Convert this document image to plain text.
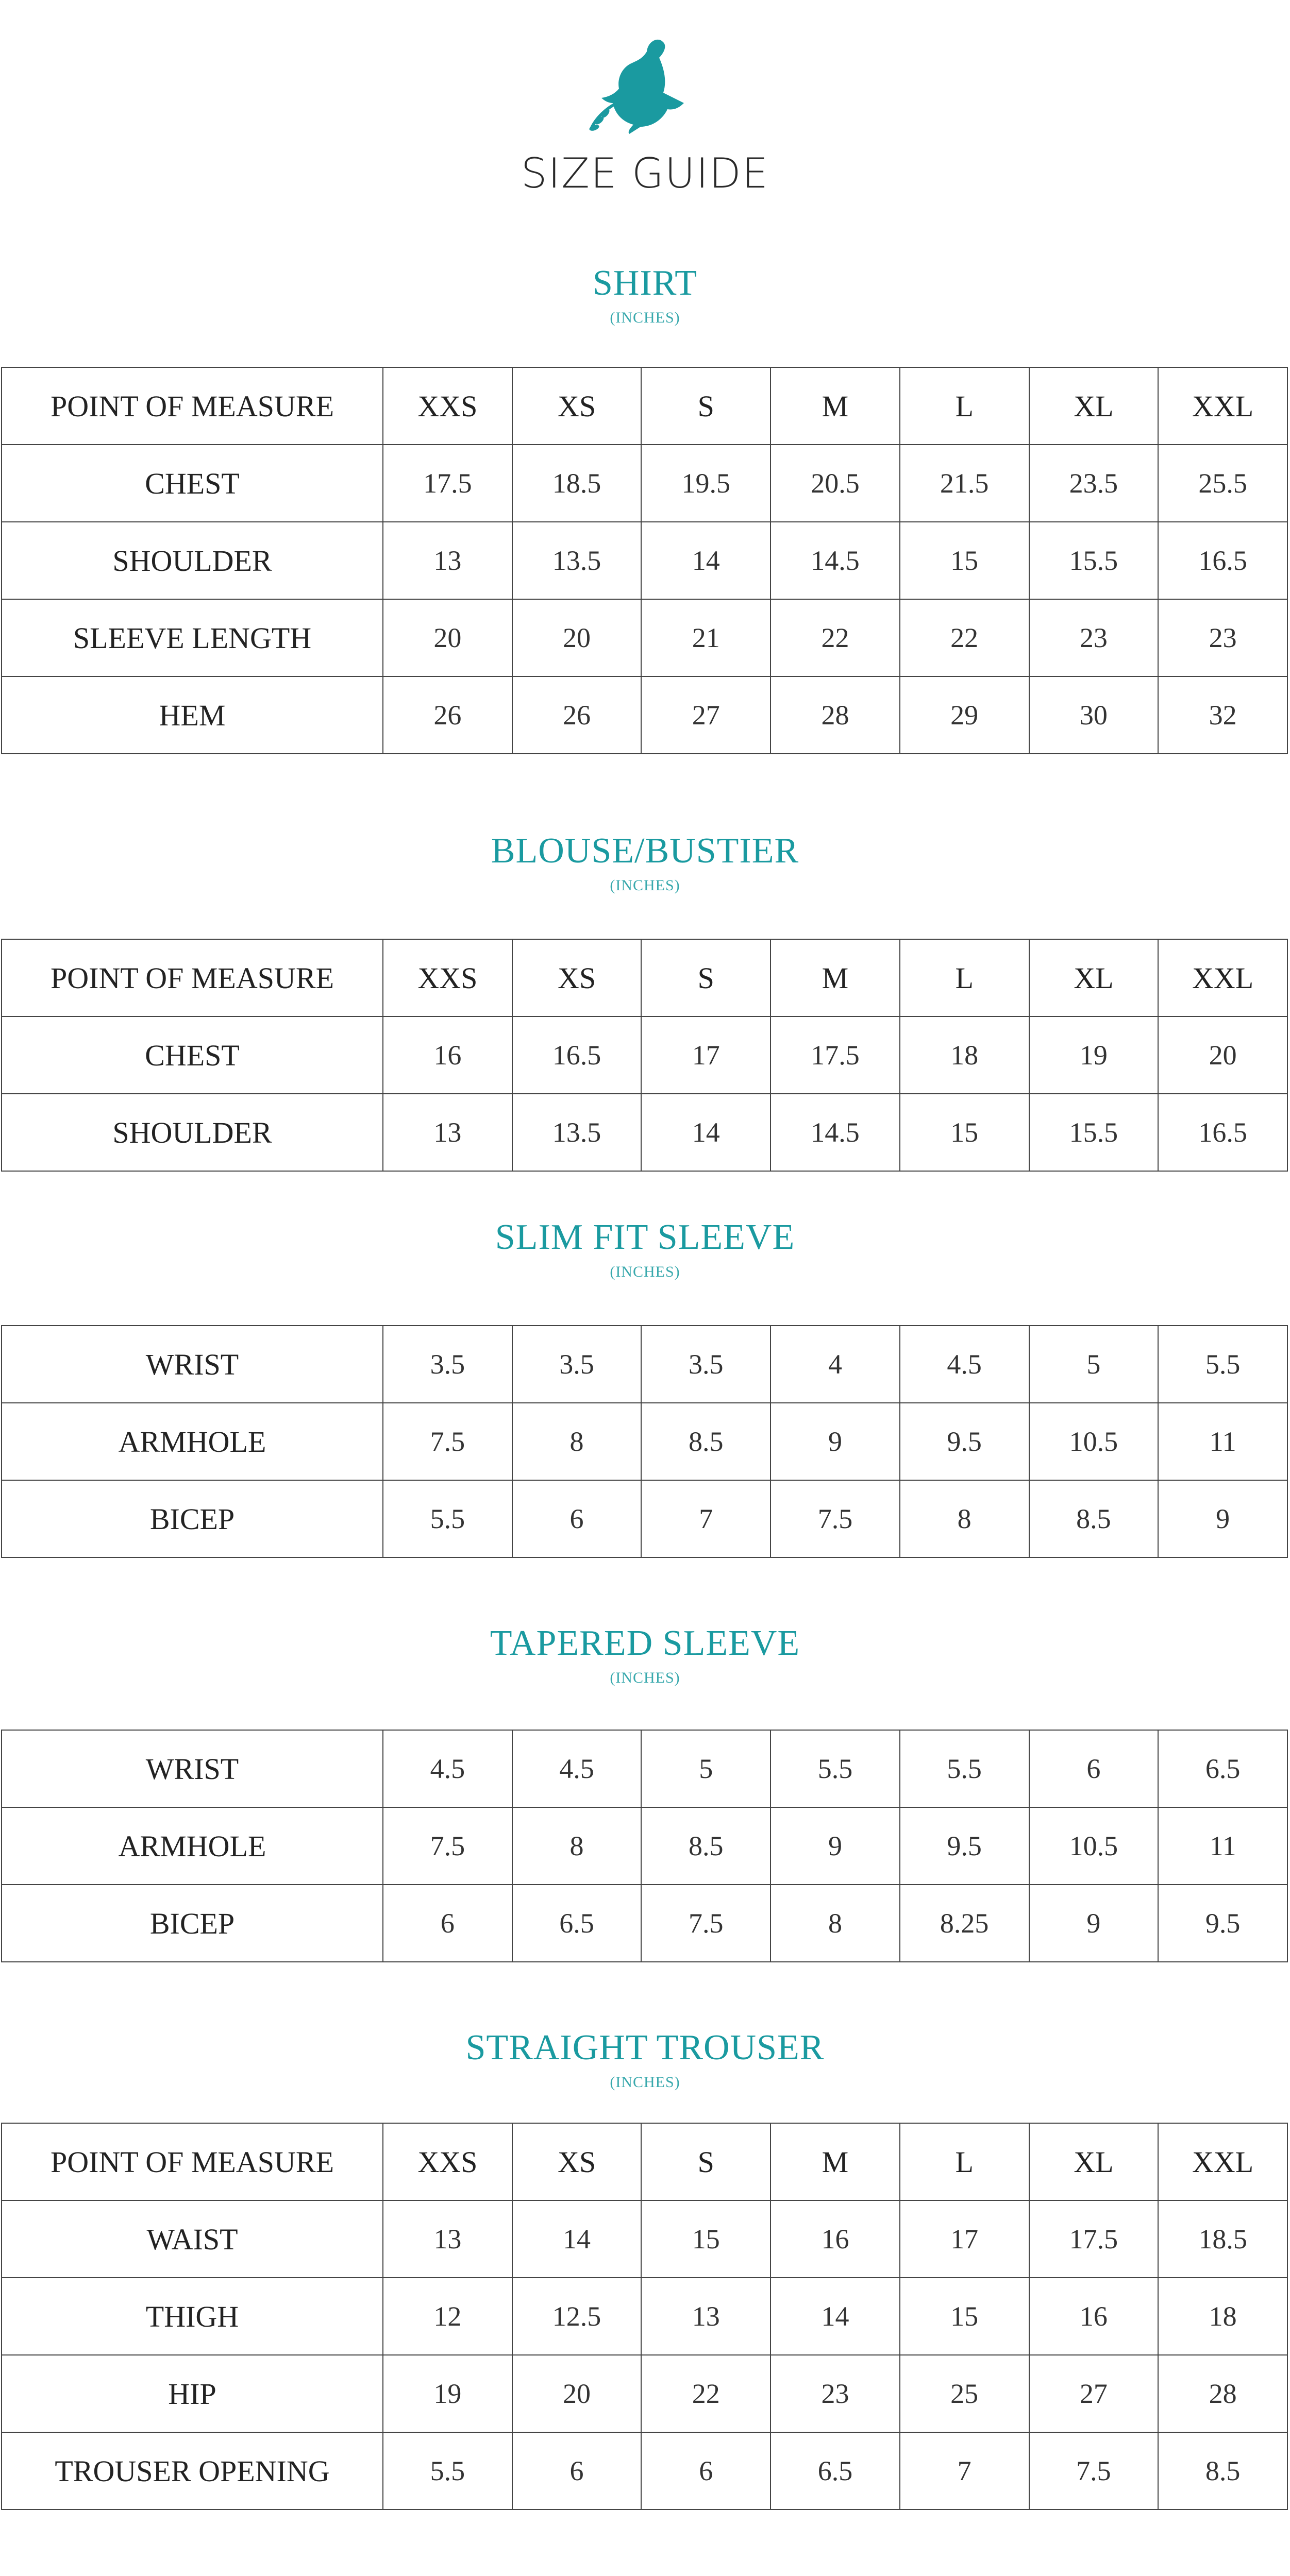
SIZE GUIDE
SHIRT
(INCHES)
POINT OF MEASURE	XXS	XS	S	M	L	XL	XXL
CHEST	17.5	18.5	19.5	20.5	21.5	23.5	25.5
SHOULDER	13	13.5	14	14.5	15	15.5	16.5
SLEEVE LENGTH	20	20	21	22	22	23	23
HEM	26	26	27	28	29	30	32
BLOUSE/BUSTIER
(INCHES)
POINT OF MEASURE	XXS	XS	S	M	L	XL	XXL
CHEST	16	16.5	17	17.5	18	19	20
SHOULDER	13	13.5	14	14.5	15	15.5	16.5
SLIM FIT SLEEVE
(INCHES)
WRIST	3.5	3.5	3.5	4	4.5	5	5.5
ARMHOLE	7.5	8	8.5	9	9.5	10.5	11
BICEP	5.5	6	7	7.5	8	8.5	9
TAPERED SLEEVE
(INCHES)
WRIST	4.5	4.5	5	5.5	5.5	6	6.5
ARMHOLE	7.5	8	8.5	9	9.5	10.5	11
BICEP	6	6.5	7.5	8	8.25	9	9.5
STRAIGHT TROUSER
(INCHES)
POINT OF MEASURE	XXS	XS	S	M	L	XL	XXL
WAIST	13	14	15	16	17	17.5	18.5
THIGH	12	12.5	13	14	15	16	18
HIP	19	20	22	23	25	27	28
TROUSER OPENING	5.5	6	6	6.5	7	7.5	8.5
